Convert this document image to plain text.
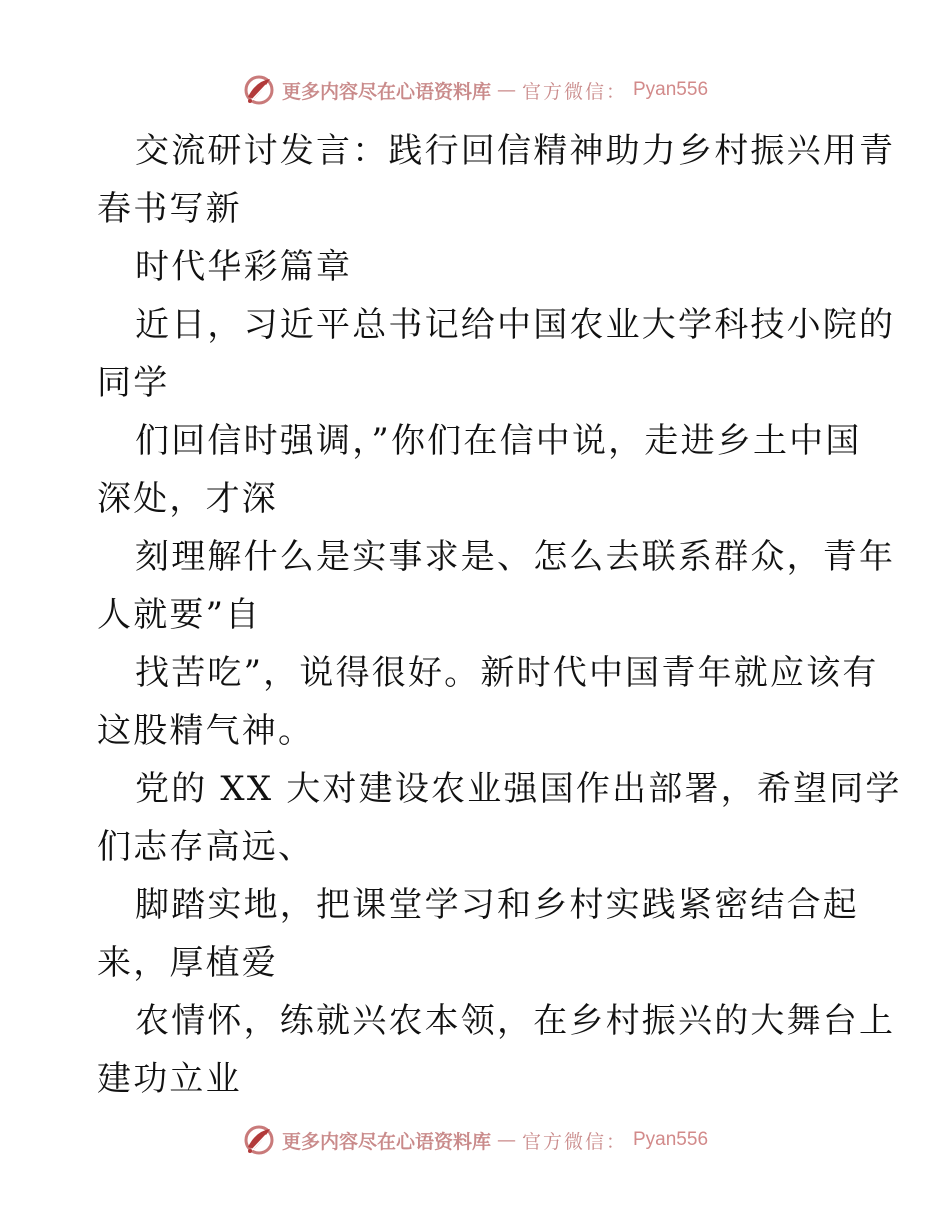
更多内容尽在心语资料库 — 官方微信： Pyan556
交流研讨发言：践行回信精神助力乡村振兴用青
春书写新
时代华彩篇章
近日，习近平总书记给中国农业大学科技小院的
同学
们回信时强调，”你们在信中说，走进乡土中国
深处，才深
刻理解什么是实事求是、怎么去联系群众，青年
人就要”自
找苦吃”，说得很好。新时代中国青年就应该有
这股精气神。
党的 XX 大对建设农业强国作出部署，希望同学
们志存高远、
脚踏实地，把课堂学习和乡村实践紧密结合起
来，厚植爱
农情怀，练就兴农本领，在乡村振兴的大舞台上
建功立业
更多内容尽在心语资料库 — 官方微信： Pyan556
